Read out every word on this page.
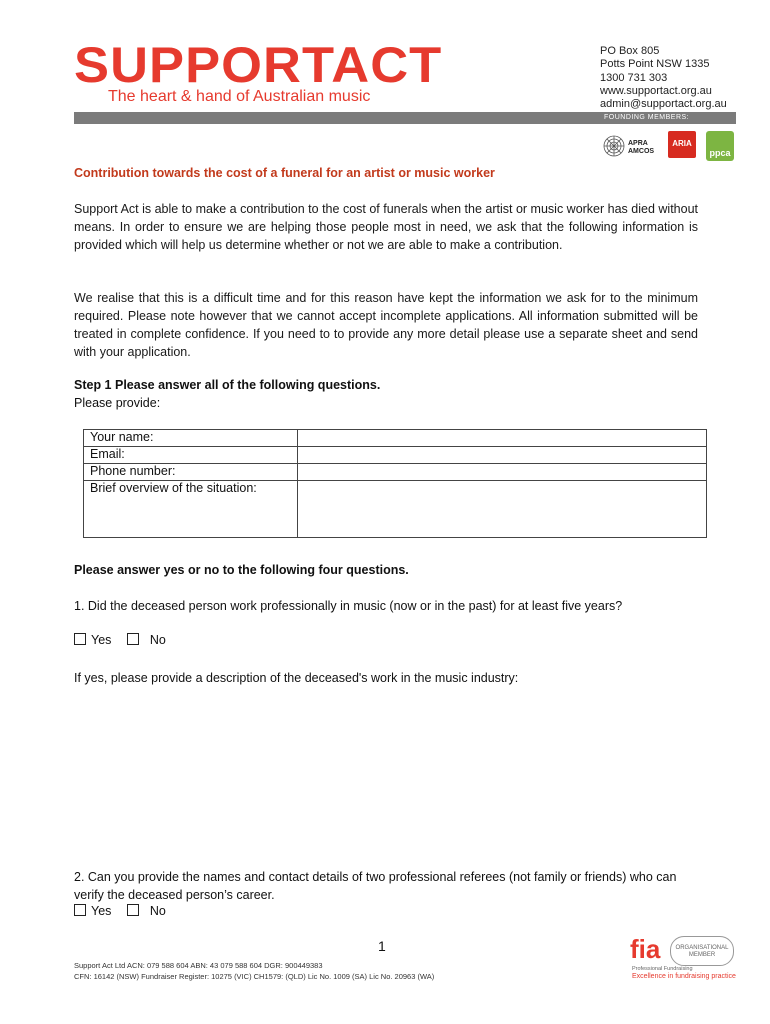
SUPPORTACT
The heart & hand of Australian music
PO Box 805
Potts Point NSW 1335
1300 731 303
www.supportact.org.au
admin@supportact.org.au
FOUNDING MEMBERS:
APRA AMCOS
ARIA
ppca
Contribution towards the cost of a funeral for an artist or music worker
Support Act is able to make a contribution to the cost of funerals when the artist or music worker has died without means. In order to ensure we are helping those people most in need, we ask that the following information is provided which will help us determine whether or not we are able to make a contribution.
We realise that this is a difficult time and for this reason have kept the information we ask for to the minimum required. Please note however that we cannot accept incomplete applications. All information submitted will be treated in complete confidence. If you need to to provide any more detail please use a separate sheet and send with your application.
Step 1 Please answer all of the following questions.
Please provide:
Your name:	
Email:	
Phone number:	
Brief overview of the situation:	
Please answer yes or no to the following four questions.
1. Did the deceased person work professionally in music (now or in the past) for at least five years?
Yes	No
If yes, please provide a description of the deceased's work in the music industry:
2. Can you provide the names and contact details of two professional referees (not family or friends) who can verify the deceased person’s career.
Yes	No
1
Support Act Ltd ACN: 079 588 604 ABN: 43 079 588 604 DGR: 900449383
CFN: 16142 (NSW) Fundraiser Register: 10275 (VIC) CH1579: (QLD) Lic No. 1009 (SA) Lic No. 20963 (WA)
fia	ORGANISATIONAL MEMBER
Professional Fundraising
Excellence in fundraising practice
